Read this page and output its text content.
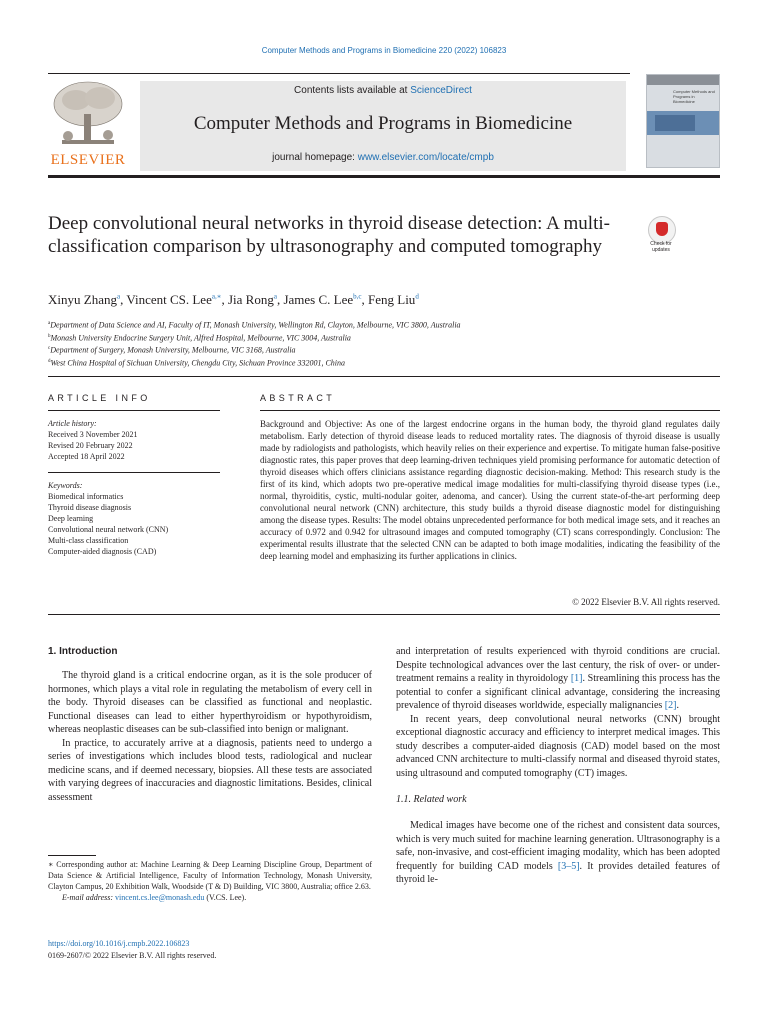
Computer Methods and Programs in Biomedicine 220 (2022) 106823
ELSEVIER
Contents lists available at ScienceDirect
Computer Methods and Programs in Biomedicine
journal homepage: www.elsevier.com/locate/cmpb
Computer Methods and Programs in Biomedicine
Deep convolutional neural networks in thyroid disease detection: A multi-classification comparison by ultrasonography and computed tomography	Check for updates
Xinyu Zhang$^a$, Vincent CS. Lee$^{a,∗}$, Jia Rong$^a$, James C. Lee$^{b,c}$, Feng Liu$^d$
$^a$Department of Data Science and AI, Faculty of IT, Monash University, Wellington Rd, Clayton, Melbourne, VIC 3800, Australia
$^b$Monash University Endocrine Surgery Unit, Alfred Hospital, Melbourne, VIC 3004, Australia
$^c$Department of Surgery, Monash University, Melbourne, VIC 3168, Australia
$^d$West China Hospital of Sichuan University, Chengdu City, Sichuan Province 332001, China
ARTICLE INFO
Article history:
Received 3 November 2021
Revised 20 February 2022
Accepted 18 April 2022
Keywords:
Biomedical informatics
Thyroid disease diagnosis
Deep learning
Convolutional neural network (CNN)
Multi-class classification
Computer-aided diagnosis (CAD)
ABSTRACT
Background and Objective: As one of the largest endocrine organs in the human body, the thyroid gland regulates daily metabolism. Early detection of thyroid disease leads to reduced mortality rates. The diagnosis of thyroid disease is usually made by radiologists and pathologists, which heavily relies on their experience and expertise. To mitigate human false-positive diagnostic rates, this paper proves that deep learning-driven techniques yield promising performance for automatic detection of thyroid diseases which offers clinicians assistance regarding diagnostic decision-making. Method: This research study is the first of its kind, which adopts two pre-operative medical image modalities for multi-classifying thyroid disease types (i.e., normal, thyroiditis, cystic, multi-nodular goiter, adenoma, and cancer). Using the current state-of-the-art performing deep convolutional neural network (CNN) architecture, this study builds a thyroid disease diagnostic model for distinguishing among the disease types. Results: The model obtains unprecedented performance for both medical image sets, and it reaches an accuracy of 0.972 and 0.942 for ultrasound images and computed tomography (CT) scans correspondingly. Conclusion: The experimental results illustrate that the selected CNN can be adapted to both image modalities, indicating the feasibility of the deep learning model and emphasizing its further applications in clinics.
© 2022 Elsevier B.V. All rights reserved.
1. Introduction

The thyroid gland is a critical endocrine organ, as it is the sole producer of hormones, which plays a vital role in regulating the metabolism of every cell in the body. Thyroid diseases can be classified as functional and neoplastic. Functional diseases can lead to either hyperthyroidism or hypothyroidism, whereas neoplastic diseases can be sub-classified into benign or malignant.

In practice, to accurately arrive at a diagnosis, patients need to undergo a series of investigations which includes blood tests, radiological and nuclear medicine scans, and if deemed necessary, biopsies. All these tests are associated with varying degrees of inaccuracies and diagnostic limitations. Besides, clinical assessment

and interpretation of results experienced with thyroid conditions are crucial. Despite technological advances over the last century, the risk of over- or under-treatment remains a reality in thyroidology [1]. Streamlining this process has the potential to confer a significant clinical advantage, considering the increasing prevalence of thyroid diseases worldwide, especially malignancies [2].

In recent years, deep convolutional neural networks (CNN) brought exceptional diagnostic accuracy and efficiency to interpret medical images. This study describes a computer-aided diagnosis (CAD) model based on the most advanced CNN architecture to multi-classify normal and diseased thyroid states, using ultrasound and computed tomography (CT) images.

1.1. Related work

Medical images have become one of the richest and consistent data sources, which is very much suited for machine learning generation. Ultrasonography is a safe, non-invasive, and cost-efficient imaging modality, which has been adopted frequently for building CAD models [3–5]. It provides detailed features of thyroid le-

∗ Corresponding author at: Machine Learning & Deep Learning Discipline Group, Department of Data Science & Artificial Intelligence, Faculty of Information Technology, Monash University, Clayton Campus, 20 Exhibition Walk, Woodside (T & D) Building, VIC 3800, Australia; office 2.63.
E-mail address: vincent.cs.lee@monash.edu (V.CS. Lee).
https://doi.org/10.1016/j.cmpb.2022.106823
0169-2607/© 2022 Elsevier B.V. All rights reserved.
